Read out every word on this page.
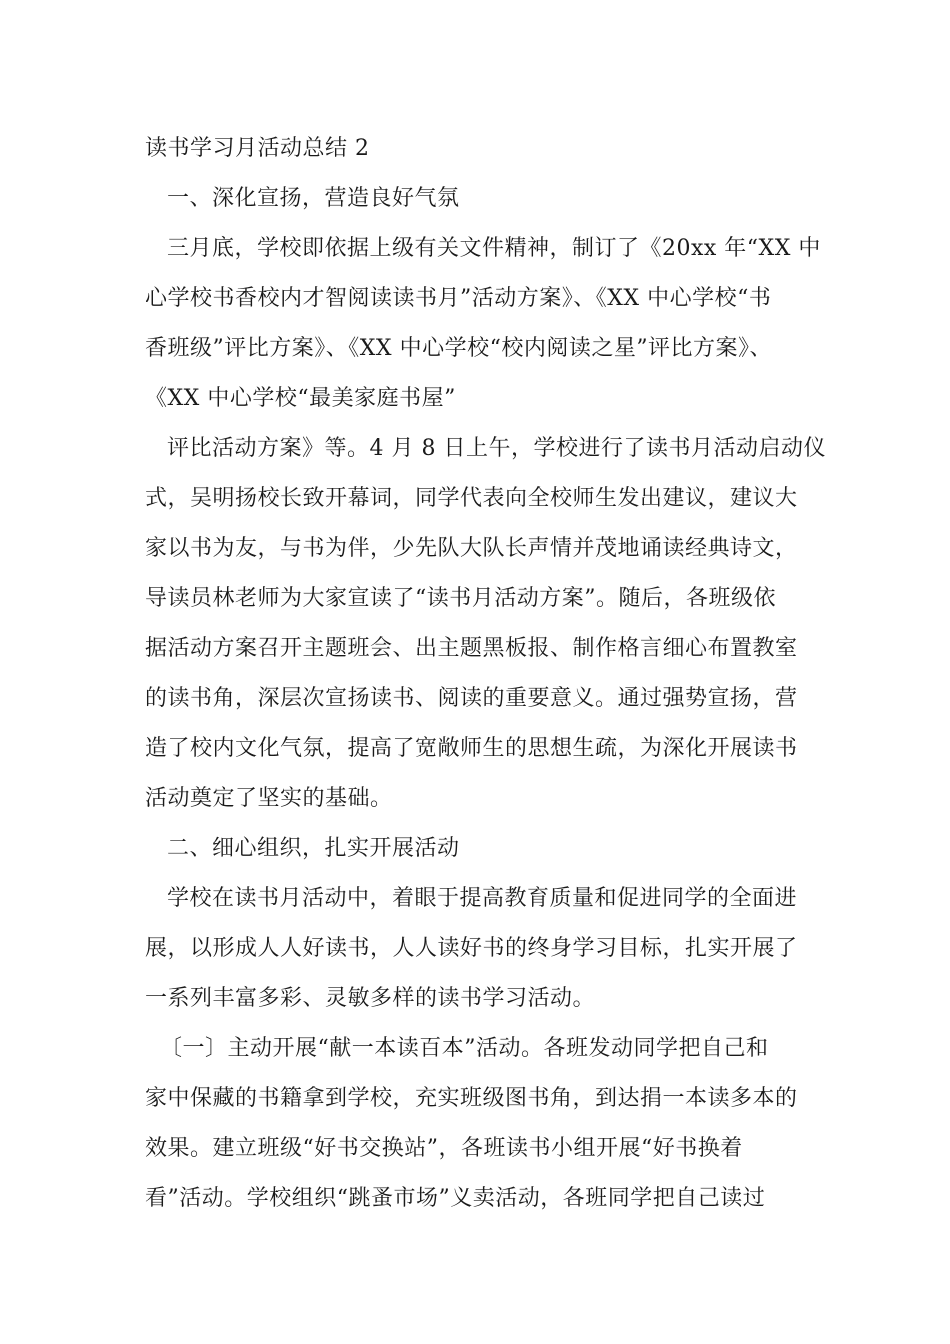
读书学习月活动总结 2
一、深化宣扬，营造良好气氛
三月底，学校即依据上级有关文件精神，制订了《20xx 年“XX 中
心学校书香校内才智阅读读书月”活动方案》、《XX 中心学校“书
香班级”评比方案》、《XX 中心学校“校内阅读之星”评比方案》、
《XX 中心学校“最美家庭书屋”
评比活动方案》等。4 月 8 日上午，学校进行了读书月活动启动仪
式，吴明扬校长致开幕词，同学代表向全校师生发出建议，建议大
家以书为友，与书为伴，少先队大队长声情并茂地诵读经典诗文，
导读员林老师为大家宣读了“读书月活动方案”。随后，各班级依
据活动方案召开主题班会、出主题黑板报、制作格言细心布置教室
的读书角，深层次宣扬读书、阅读的重要意义。通过强势宣扬，营
造了校内文化气氛，提高了宽敞师生的思想生疏，为深化开展读书
活动奠定了坚实的基础。
二、细心组织，扎实开展活动
学校在读书月活动中，着眼于提高教育质量和促进同学的全面进
展，以形成人人好读书，人人读好书的终身学习目标，扎实开展了
一系列丰富多彩、灵敏多样的读书学习活动。
〔一〕主动开展“献一本读百本”活动。各班发动同学把自己和
家中保藏的书籍拿到学校，充实班级图书角，到达捐一本读多本的
效果。建立班级“好书交换站”，各班读书小组开展“好书换着
看”活动。学校组织“跳蚤市场”义卖活动，各班同学把自己读过
